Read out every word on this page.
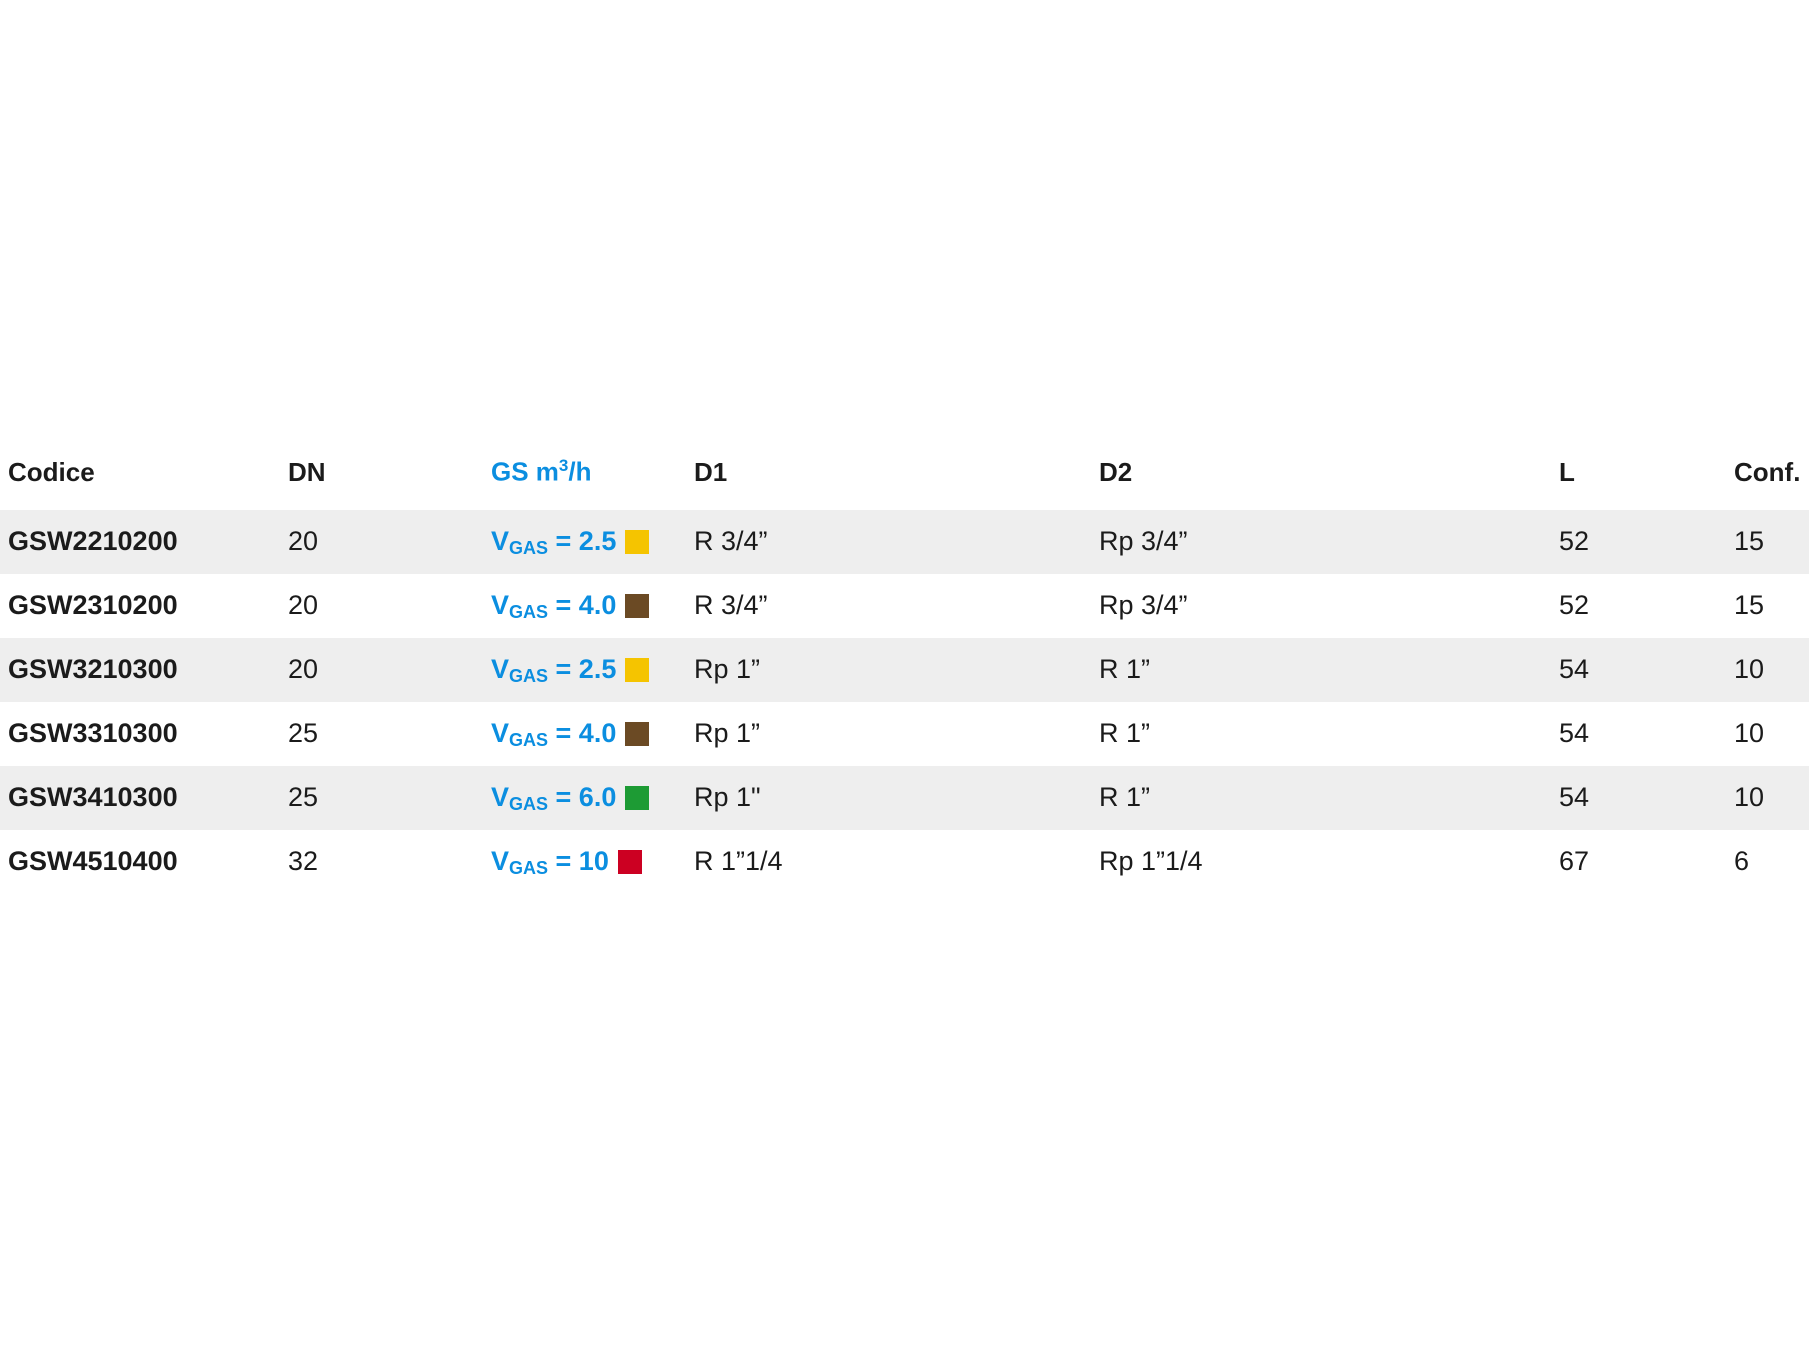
Codice	DN	GS $m^3/h$	D1	D2	L	Conf.
GSW2210200	20	$V_{GAS} = 2.5$	R 3/4”	Rp 3/4”	52	15
GSW2310200	20	$V_{GAS} = 4.0$	R 3/4”	Rp 3/4”	52	15
GSW3210300	20	$V_{GAS} = 2.5$	Rp 1”	R 1”	54	10
GSW3310300	25	$V_{GAS} = 4.0$	Rp 1”	R 1”	54	10
GSW3410300	25	$V_{GAS} = 6.0$	Rp 1"	R 1”	54	10
GSW4510400	32	$V_{GAS} = 10$	R 1”1/4	Rp 1”1/4	67	6
